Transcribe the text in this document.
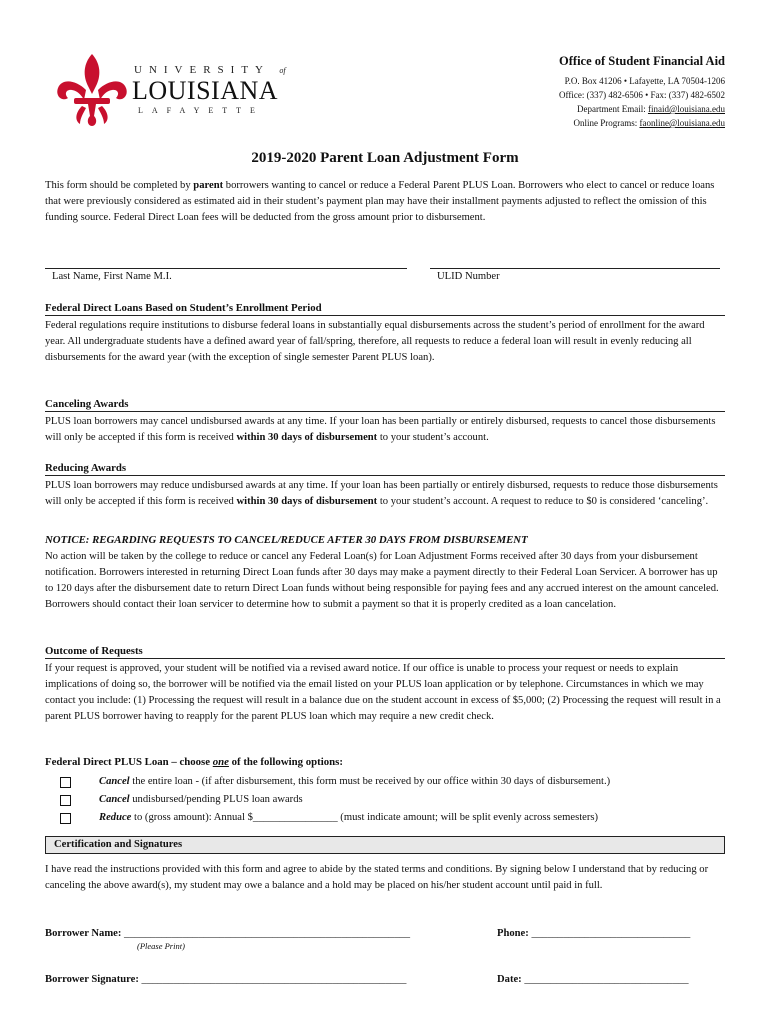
UNIVERSITY of
LOUISIANA
LAFAYETTE
Office of Student Financial Aid
P.O. Box 41206 • Lafayette, LA 70504-1206
Office: (337) 482-6506 • Fax: (337) 482-6502
Department Email: finaid@louisiana.edu
Online Programs: faonline@louisiana.edu
2019-2020 Parent Loan Adjustment Form

This form should be completed by parent borrowers wanting to cancel or reduce a Federal Parent PLUS Loan. Borrowers who elect to cancel or reduce loans that were previously considered as estimated aid in their student’s payment plan may have their installment payments adjusted to reflect the omission of this funding source. Federal Direct Loan fees will be deducted from the gross amount prior to disbursement.

Last Name, First Name M.I.	ULID Number
Federal Direct Loans Based on Student’s Enrollment Period

Federal regulations require institutions to disburse federal loans in substantially equal disbursements across the student’s period of enrollment for the award year. All undergraduate students have a defined award year of fall/spring, therefore, all requests to reduce a federal loan will result in evenly reducing all disbursements for the award year (with the exception of single semester Parent PLUS loan).

Canceling Awards

PLUS loan borrowers may cancel undisbursed awards at any time. If your loan has been partially or entirely disbursed, requests to cancel those disbursements will only be accepted if this form is received within 30 days of disbursement to your student’s account.

Reducing Awards

PLUS loan borrowers may reduce undisbursed awards at any time. If your loan has been partially or entirely disbursed, requests to reduce those disbursements will only be accepted if this form is received within 30 days of disbursement to your student’s account. A request to reduce to $0 is considered ‘canceling’.

NOTICE: REGARDING REQUESTS TO CANCEL/REDUCE AFTER 30 DAYS FROM DISBURSEMENT

No action will be taken by the college to reduce or cancel any Federal Loan(s) for Loan Adjustment Forms received after 30 days from your disbursement notification. Borrowers interested in returning Direct Loan funds after 30 days may make a payment directly to their Federal Loan Servicer. A borrower has up to 120 days after the disbursement date to return Direct Loan funds without being responsible for paying fees and any accrued interest on the amount canceled. Borrowers should contact their loan servicer to determine how to submit a payment so that it is properly credited as a loan cancelation.

Outcome of Requests

If your request is approved, your student will be notified via a revised award notice. If our office is unable to process your request or needs to explain implications of doing so, the borrower will be notified via the email listed on your PLUS loan application or by telephone. Circumstances in which we may contact you include: (1) Processing the request will result in a balance due on the student account in excess of $5,000; (2) Processing the request will result in a parent PLUS borrower having to reapply for the parent PLUS loan which may require a new credit check.

Federal Direct PLUS Loan – choose one of the following options:
Cancel the entire loan - (if after disbursement, this form must be received by our office within 30 days of disbursement.)
Cancel undisbursed/pending PLUS loan awards
Reduce to (gross amount): Annual $________________ (must indicate amount; will be split evenly across semesters)
Certification and Signatures

I have read the instructions provided with this form and agree to abide by the stated terms and conditions. By signing below I understand that by reducing or canceling the above award(s), my student may owe a balance and a hold may be placed on his/her student account until paid in full.

Borrower Name: ______________________________________________________
(Please Print)
Phone: ______________________________
Borrower Signature: __________________________________________________	Date: _______________________________
